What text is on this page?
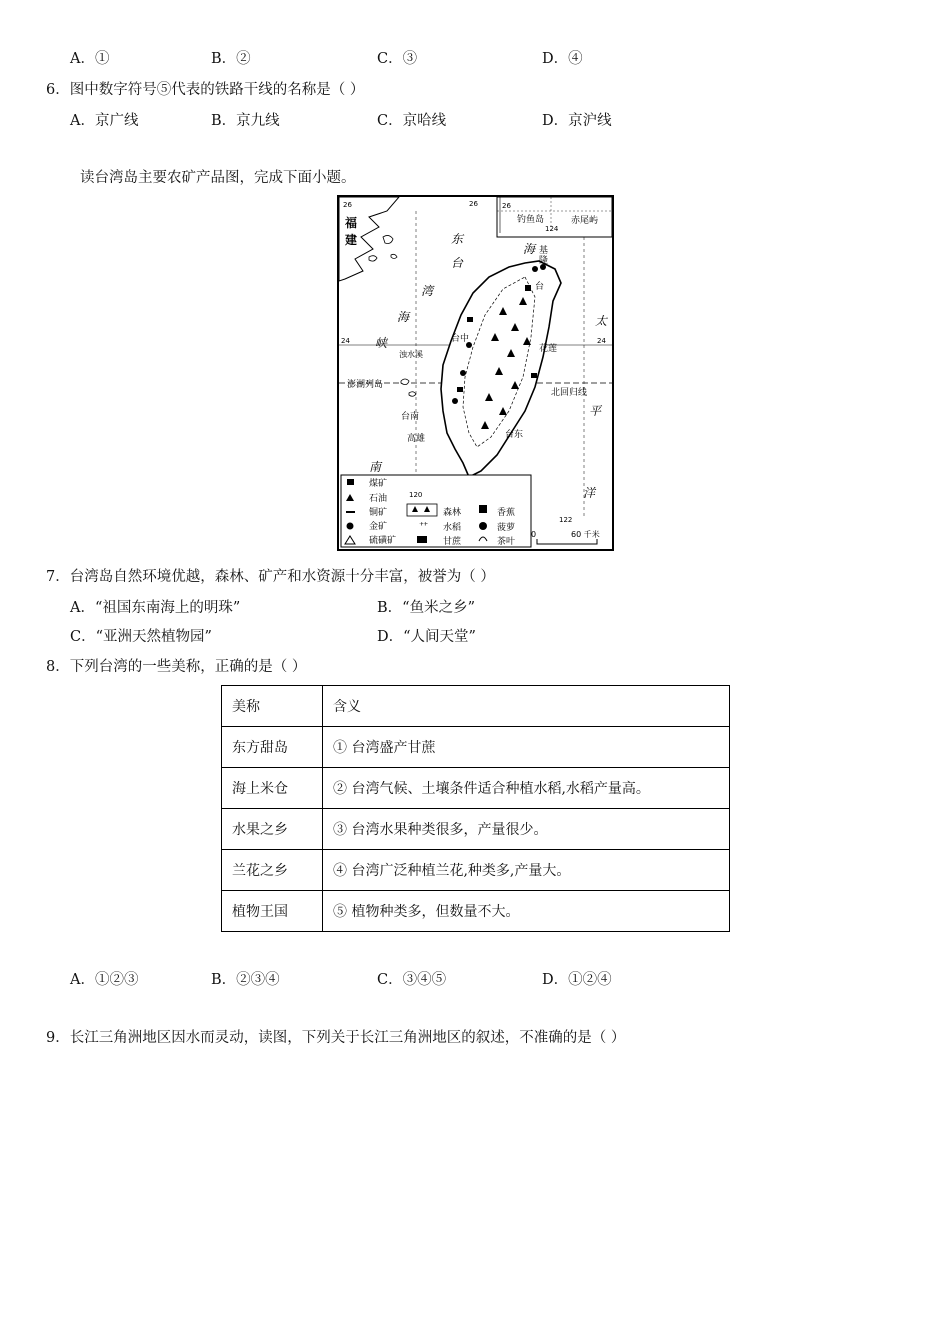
A．①	B．②	C．③	D．④
6．图中数字符号⑤代表的铁路干线的名称是（ ）
A．京广线	B．京九线	C．京哈线	D．京沪线
读台湾岛主要农矿产品图，完成下面小题。
26	26
钓鱼岛	赤尾屿
124
26
福
建
24	24
北回归线
东
海
台
湾
海
峡
太
平
洋
南
基
隆
台
台中
花莲
浊水溪
澎湖列岛
台南
高雄	台东
120
煤矿
石油
铜矿
金矿
硫磺矿
森林
⺿ 水稻
甘蔗
香蕉
菠萝
茶叶
122
0	60 千米
7．台湾岛自然环境优越，森林、矿产和水资源十分丰富，被誉为（ ）
A．“祖国东南海上的明珠”	B．“鱼米之乡”
C．“亚洲天然植物园”	D．“人间天堂”
8．下列台湾的一些美称，正确的是（ ）
美称	含义
东方甜岛	① 台湾盛产甘蔗
海上米仓	② 台湾气候、土壤条件适合种植水稻,水稻产量高。
水果之乡	③ 台湾水果种类很多，产量很少。
兰花之乡	④ 台湾广泛种植兰花,种类多,产量大。
植物王国	⑤ 植物种类多，但数量不大。
A．①②③	B．②③④	C．③④⑤	D．①②④
9．长江三角洲地区因水而灵动，读图，下列关于长江三角洲地区的叙述，不准确的是（ ）
